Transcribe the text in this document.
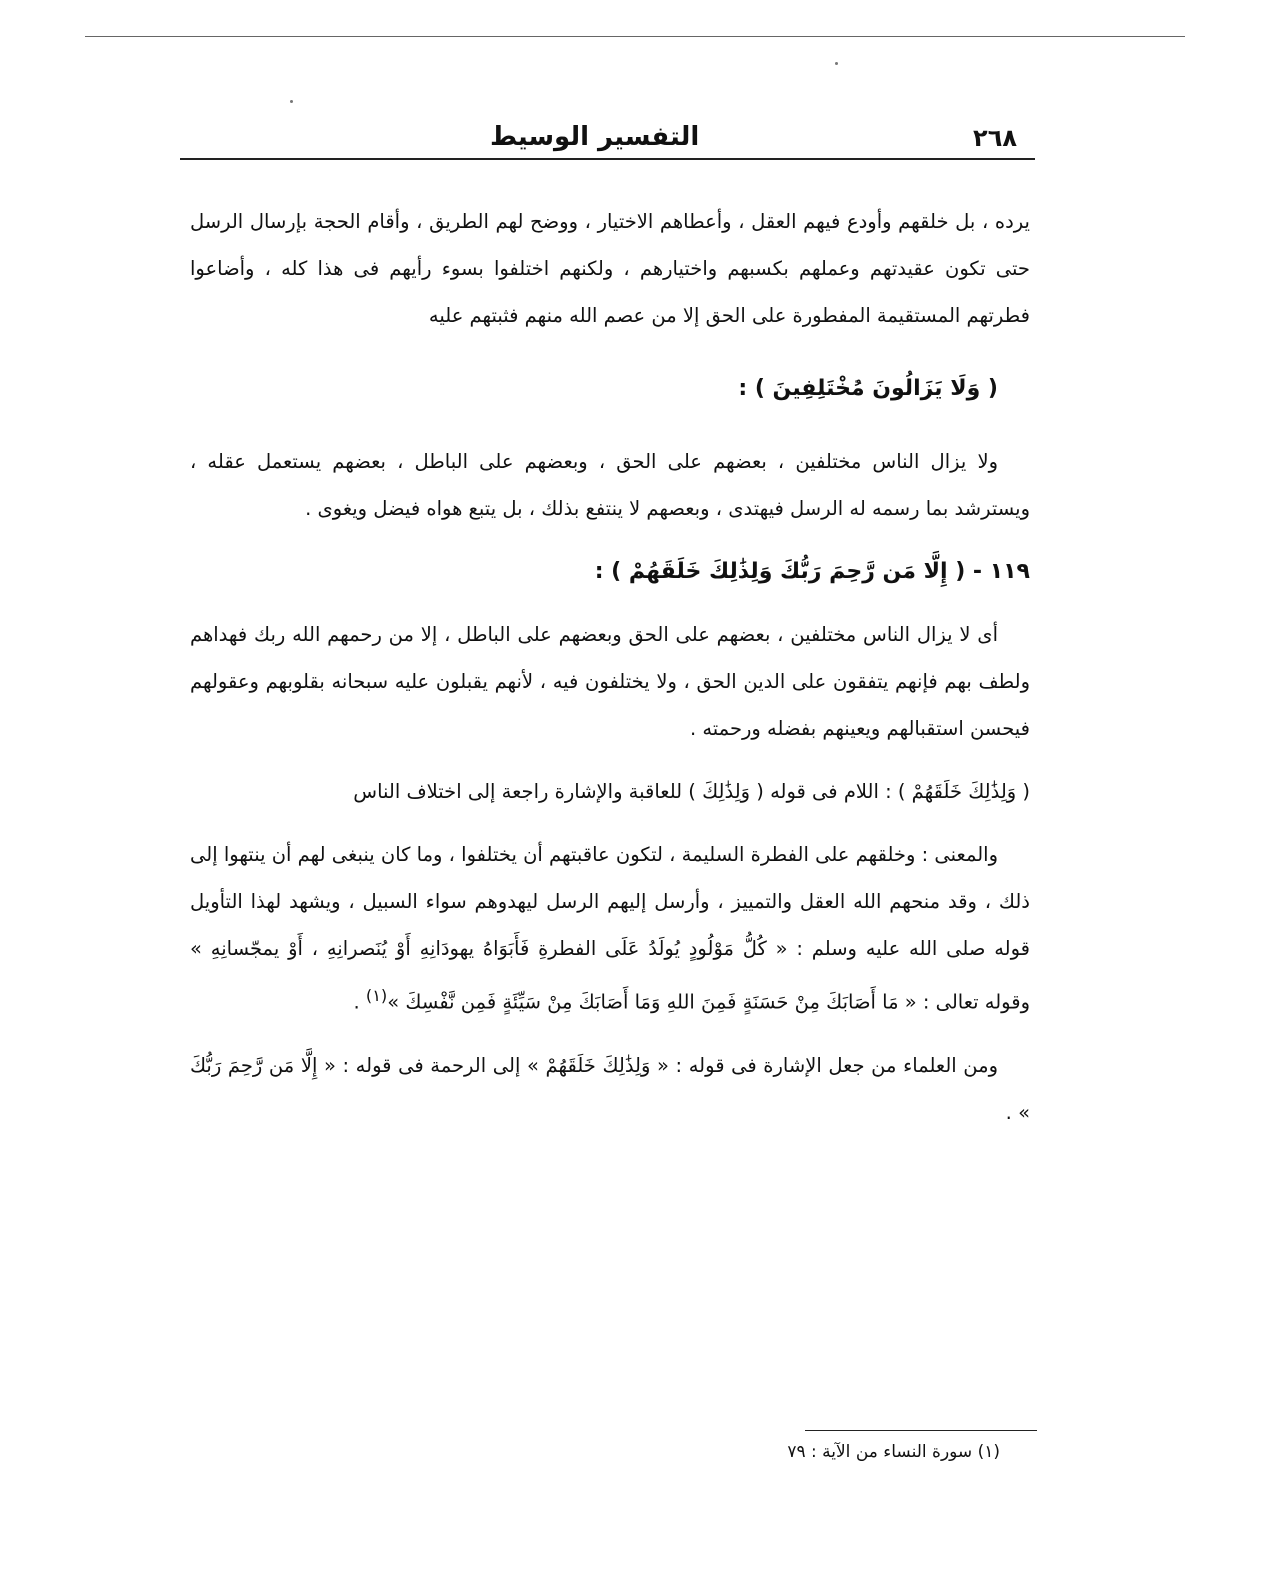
٢٦٨
التفسير الوسيط

يرده ، بل خلقهم وأودع فيهم العقل ، وأعطاهم الاختيار ، ووضح لهم الطريق ، وأقام الحجة بإرسال الرسل حتى تكون عقيدتهم وعملهم بكسبهم واختيارهم ، ولكنهم اختلفوا بسوء رأيهم فى هذا كله ، وأضاعوا فطرتهم المستقيمة المفطورة على الحق إلا من عصم الله منهم فثبتهم عليه

( وَلَا يَزَالُونَ مُخْتَلِفِينَ ) :

ولا يزال الناس مختلفين ، بعضهم على الحق ، وبعضهم على الباطل ، بعضهم يستعمل عقله ، ويسترشد بما رسمه له الرسل فيهتدى ، وبعصهم لا ينتفع بذلك ، بل يتبع هواه فيضل ويغوى .

١١٩ - ( إِلَّا مَن رَّحِمَ رَبُّكَ وَلِذَٰلِكَ خَلَقَهُمْ ) :

أى لا يزال الناس مختلفين ، بعضهم على الحق وبعضهم على الباطل ، إلا من رحمهم الله ربك فهداهم ولطف بهم فإنهم يتفقون على الدين الحق ، ولا يختلفون فيه ، لأنهم يقبلون عليه سبحانه بقلوبهم وعقولهم فيحسن استقبالهم ويعينهم بفضله ورحمته .

( وَلِذَٰلِكَ خَلَقَهُمْ ) : اللام فى قوله ( وَلِذَٰلِكَ ) للعاقبة والإشارة راجعة إلى اختلاف الناس

والمعنى : وخلقهم على الفطرة السليمة ، لتكون عاقبتهم أن يختلفوا ، وما كان ينبغى لهم أن ينتهوا إلى ذلك ، وقد منحهم الله العقل والتمييز ، وأرسل إليهم الرسل ليهدوهم سواء السبيل ، ويشهد لهذا التأويل قوله صلى الله عليه وسلم : « كُلُّ مَوْلُودٍ يُولَدُ عَلَى الفطرةِ فَأَبَوَاهُ يهودَانِهِ أَوْ يُنَصرانِهِ ، أَوْ يمجّسانِهِ » وقوله تعالى : « مَا أَصَابَكَ مِنْ حَسَنَةٍ فَمِنَ اللهِ وَمَا أَصَابَكَ مِنْ سَيِّئَةٍ فَمِن نَّفْسِكَ »$^{(١)}$ .

ومن العلماء من جعل الإشارة فى قوله : « وَلِذَٰلِكَ خَلَقَهُمْ » إلى الرحمة فى قوله : « إِلَّا مَن رَّحِمَ رَبُّكَ » .

(١) سورة النساء من الآية : ٧٩
